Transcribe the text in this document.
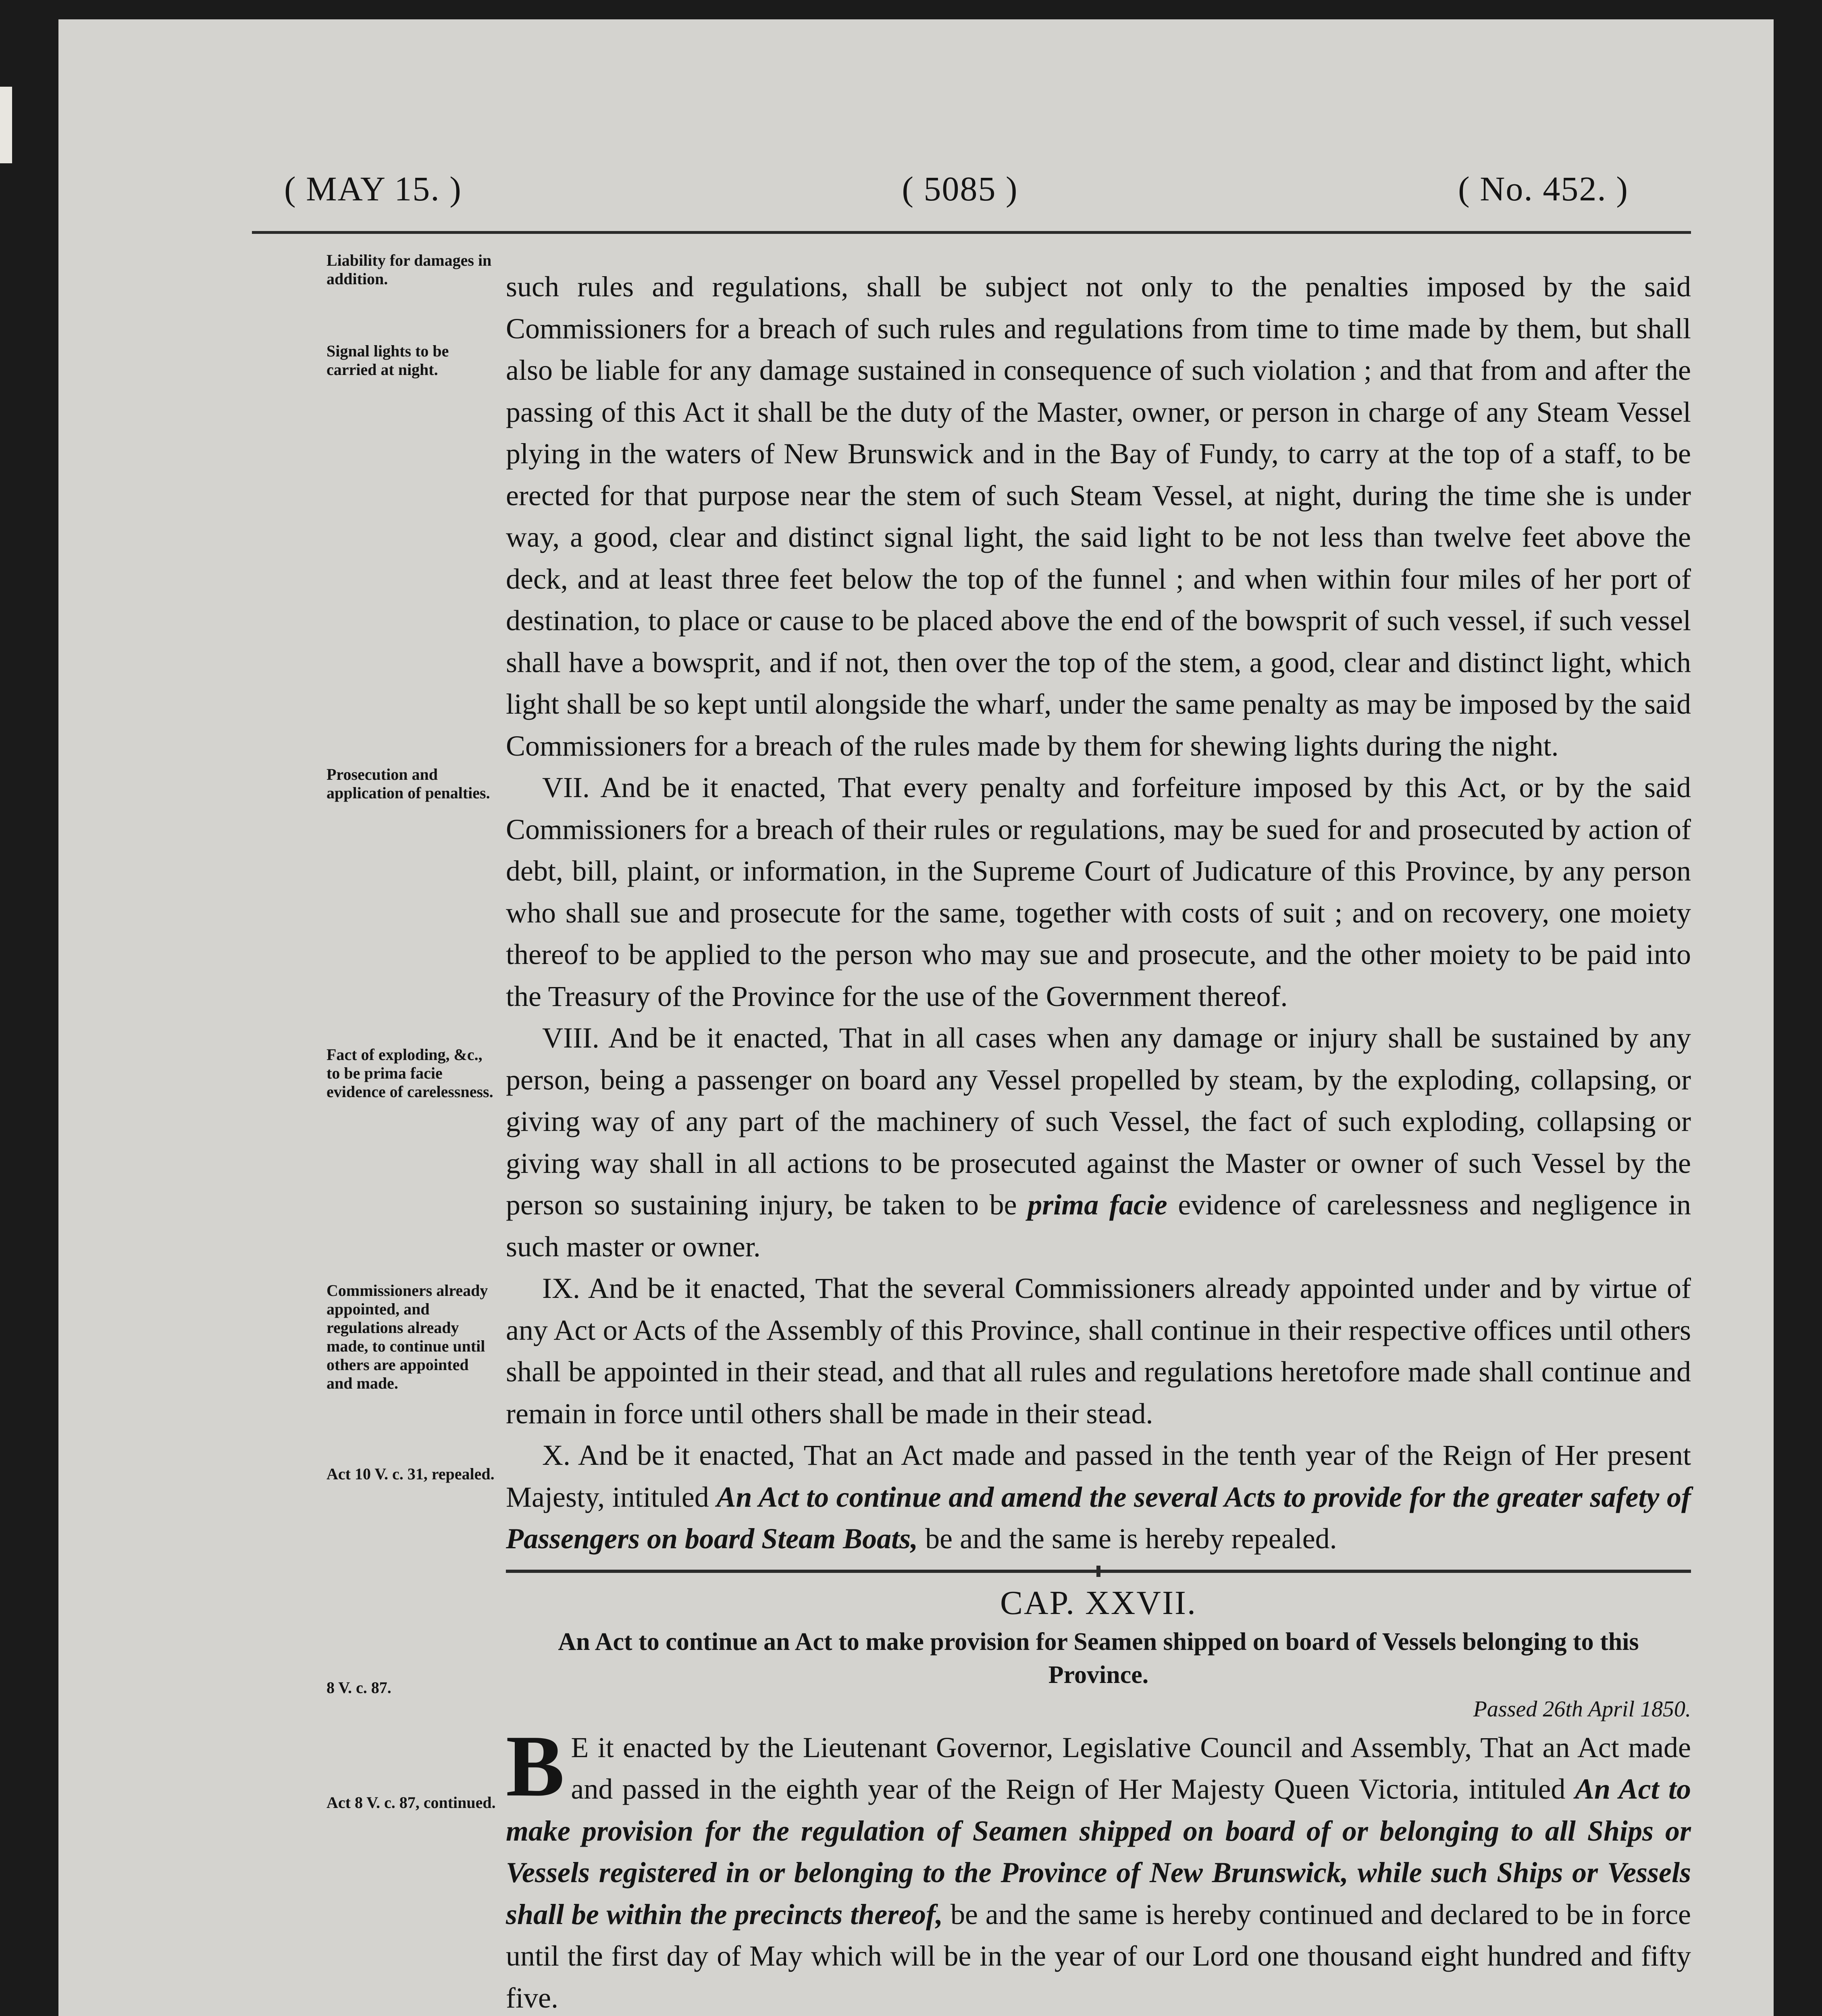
( MAY 15. )	( 5085 )	( No. 452. )
Liability for damages in addition.
Signal lights to be carried at night.
Prosecution and application of penalties.
Fact of exploding, &c., to be prima facie evidence of carelessness.
Commissioners already appointed, and regulations already made, to continue until others are appointed and made.
Act 10 V. c. 31, repealed.
8 V. c. 87.
Act 8 V. c. 87, continued.

such rules and regulations, shall be subject not only to the penalties imposed by the said Commissioners for a breach of such rules and regulations from time to time made by them, but shall also be liable for any damage sustained in consequence of such violation ; and that from and after the passing of this Act it shall be the duty of the Master, owner, or person in charge of any Steam Vessel plying in the waters of New Brunswick and in the Bay of Fundy, to carry at the top of a staff, to be erected for that purpose near the stem of such Steam Vessel, at night, during the time she is under way, a good, clear and distinct signal light, the said light to be not less than twelve feet above the deck, and at least three feet below the top of the funnel ; and when within four miles of her port of destination, to place or cause to be placed above the end of the bowsprit of such vessel, if such vessel shall have a bowsprit, and if not, then over the top of the stem, a good, clear and distinct light, which light shall be so kept until alongside the wharf, under the same penalty as may be imposed by the said Commissioners for a breach of the rules made by them for shewing lights during the night.

VII. And be it enacted, That every penalty and forfeiture imposed by this Act, or by the said Commissioners for a breach of their rules or regulations, may be sued for and prosecuted by action of debt, bill, plaint, or information, in the Supreme Court of Judicature of this Province, by any person who shall sue and prosecute for the same, together with costs of suit ; and on recovery, one moiety thereof to be applied to the person who may sue and prosecute, and the other moiety to be paid into the Treasury of the Province for the use of the Government thereof.

VIII. And be it enacted, That in all cases when any damage or injury shall be sustained by any person, being a passenger on board any Vessel propelled by steam, by the exploding, collapsing, or giving way of any part of the machinery of such Vessel, the fact of such exploding, collapsing or giving way shall in all actions to be prosecuted against the Master or owner of such Vessel by the person so sustaining injury, be taken to be prima facie evidence of carelessness and negligence in such master or owner.

IX. And be it enacted, That the several Commissioners already appointed under and by virtue of any Act or Acts of the Assembly of this Province, shall continue in their respective offices until others shall be appointed in their stead, and that all rules and regulations heretofore made shall continue and remain in force until others shall be made in their stead.

X. And be it enacted, That an Act made and passed in the tenth year of the Reign of Her present Majesty, intituled An Act to continue and amend the several Acts to provide for the greater safety of Passengers on board Steam Boats, be and the same is hereby repealed.

CAP. XXVII.

An Act to continue an Act to make provision for Seamen shipped on board of Vessels belonging to this Province.

Passed 26th April 1850.

B E it enacted by the Lieutenant Governor, Legislative Council and Assembly, That an Act made and passed in the eighth year of the Reign of Her Majesty Queen Victoria, intituled An Act to make provision for the regulation of Seamen shipped on board of or belonging to all Ships or Vessels registered in or belonging to the Province of New Brunswick, while such Ships or Vessels shall be within the precincts thereof, be and the same is hereby continued and declared to be in force until the first day of May which will be in the year of our Lord one thousand eight hundred and fifty five.
